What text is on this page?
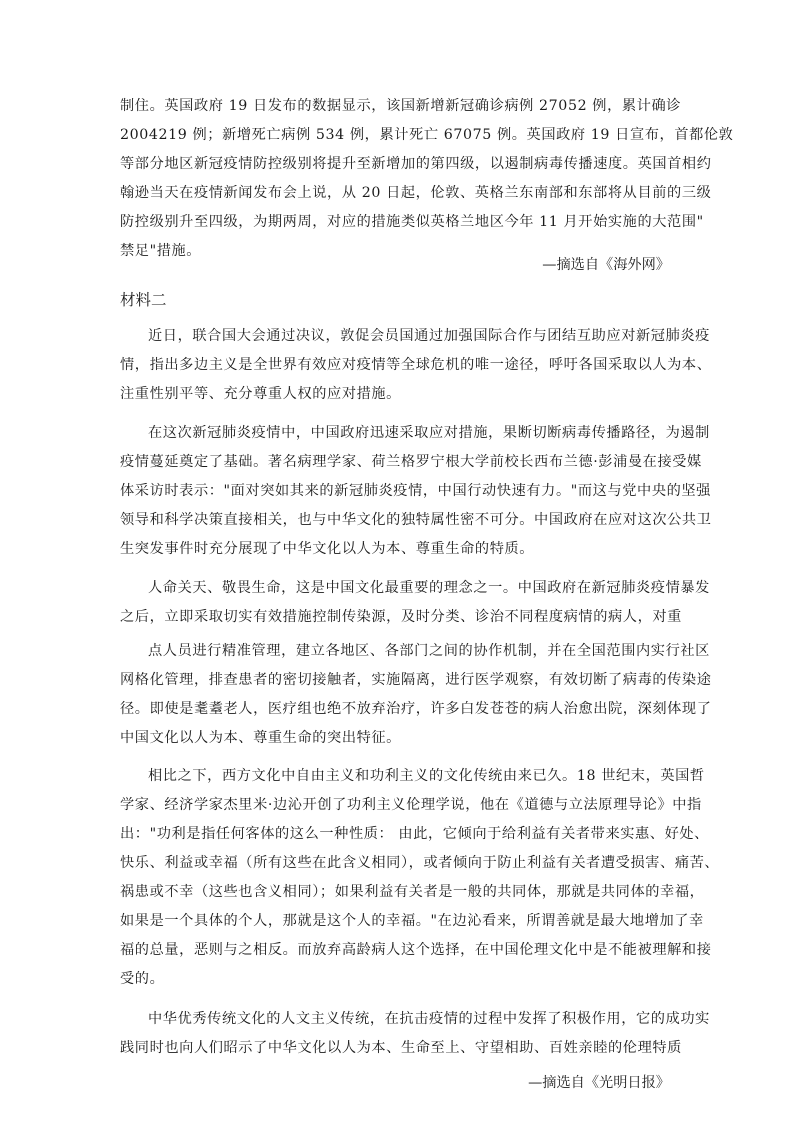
制住。英国政府 19 日发布的数据显示，该国新增新冠确诊病例 27052 例，累计确诊
2004219 例；新增死亡病例 534 例，累计死亡 67075 例。英国政府 19 日宣布，首都伦敦
等部分地区新冠疫情防控级别将提升至新增加的第四级，以遏制病毒传播速度。英国首相约
翰逊当天在疫情新闻发布会上说，从 20 日起，伦敦、英格兰东南部和东部将从目前的三级
防控级别升至四级，为期两周，对应的措施类似英格兰地区今年 11 月开始实施的大范围"
禁足"措施。
—摘选自《海外网》
材料二
近日，联合国大会通过决议，敦促会员国通过加强国际合作与团结互助应对新冠肺炎疫
情，指出多边主义是全世界有效应对疫情等全球危机的唯一途径，呼吁各国采取以人为本、
注重性别平等、充分尊重人权的应对措施。
在这次新冠肺炎疫情中，中国政府迅速采取应对措施，果断切断病毒传播路径，为遏制
疫情蔓延奠定了基础。著名病理学家、荷兰格罗宁根大学前校长西布兰德·彭浦曼在接受媒
体采访时表示："面对突如其来的新冠肺炎疫情，中国行动快速有力。"而这与党中央的坚强
领导和科学决策直接相关，也与中华文化的独特属性密不可分。中国政府在应对这次公共卫
生突发事件时充分展现了中华文化以人为本、尊重生命的特质。
人命关天、敬畏生命，这是中国文化最重要的理念之一。中国政府在新冠肺炎疫情暴发
之后，立即采取切实有效措施控制传染源，及时分类、诊治不同程度病情的病人，对重
点人员进行精准管理，建立各地区、各部门之间的协作机制，并在全国范围内实行社区
网格化管理，排查患者的密切接触者，实施隔离，进行医学观察，有效切断了病毒的传染途
径。即使是耄耋老人，医疗组也绝不放弃治疗，许多白发苍苍的病人治愈出院，深刻体现了
中国文化以人为本、尊重生命的突出特征。
相比之下，西方文化中自由主义和功利主义的文化传统由来已久。18 世纪末，英国哲
学家、经济学家杰里米·边沁开创了功利主义伦理学说，他在《道德与立法原理导论》中指
出："功利是指任何客体的这么一种性质： 由此，它倾向于给利益有关者带来实惠、好处、
快乐、利益或幸福（所有这些在此含义相同），或者倾向于防止利益有关者遭受损害、痛苦、
祸患或不幸（这些也含义相同）；如果利益有关者是一般的共同体，那就是共同体的幸福，
如果是一个具体的个人，那就是这个人的幸福。"在边沁看来，所谓善就是最大地增加了幸
福的总量，恶则与之相反。而放弃高龄病人这个选择，在中国伦理文化中是不能被理解和接
受的。
中华优秀传统文化的人文主义传统，在抗击疫情的过程中发挥了积极作用，它的成功实
践同时也向人们昭示了中华文化以人为本、生命至上、守望相助、百姓亲睦的伦理特质
—摘选自《光明日报》
